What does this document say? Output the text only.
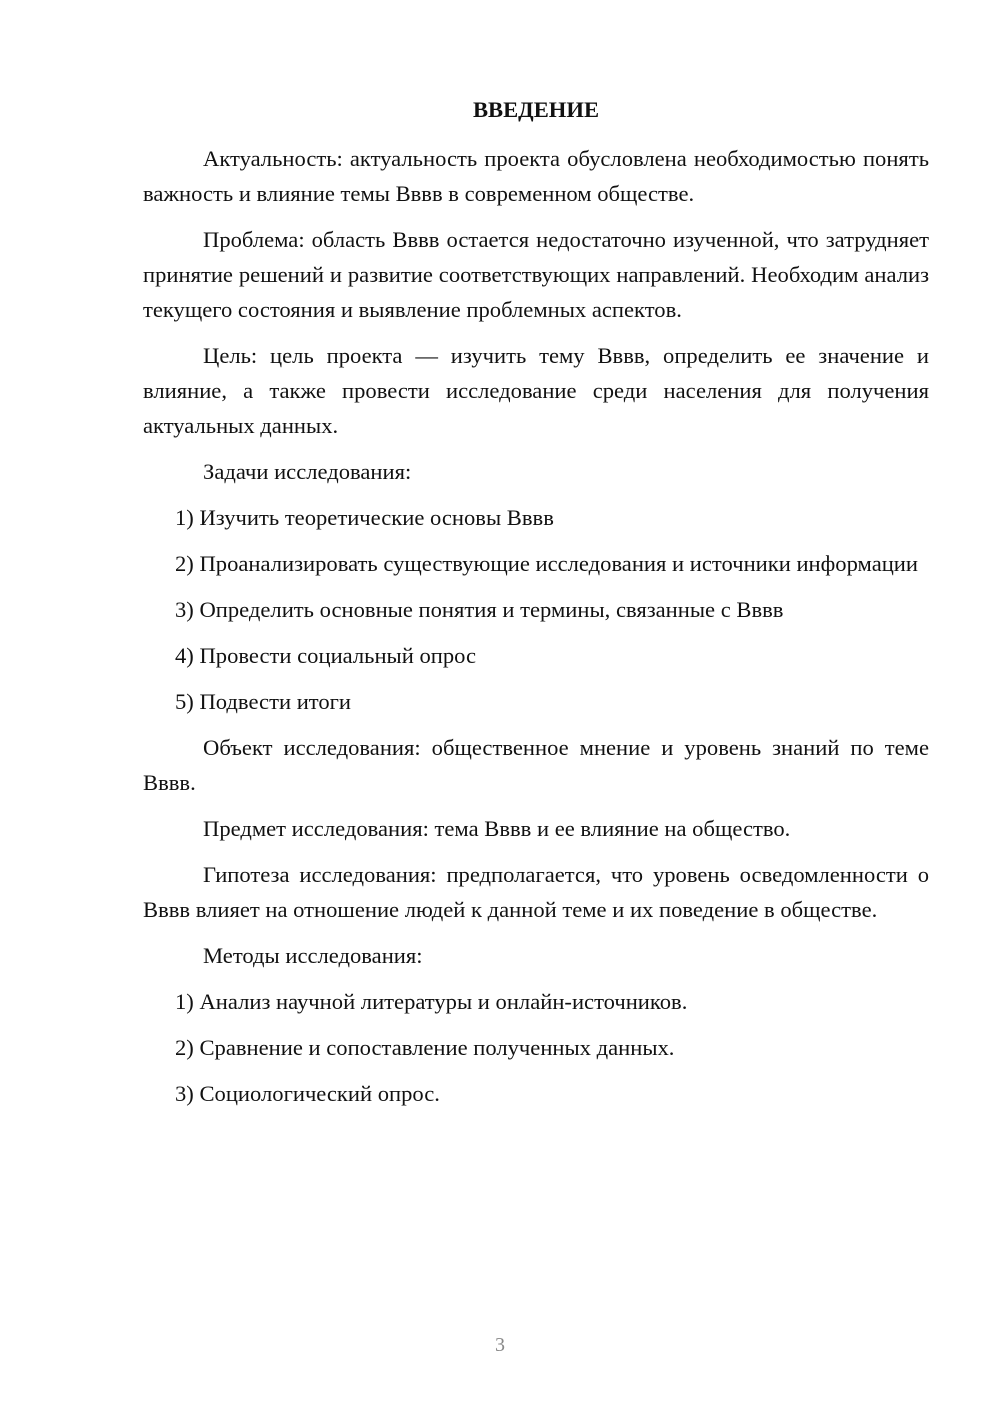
ВВЕДЕНИЕ
Актуальность: актуальность проекта обусловлена необходимостью понять важность и влияние темы Вввв в современном обществе.
Проблема: область Вввв остается недостаточно изученной, что затрудняет принятие решений и развитие соответствующих направлений. Необходим анализ текущего состояния и выявление проблемных аспектов.
Цель: цель проекта — изучить тему Вввв, определить ее значение и влияние, а также провести исследование среди населения для получения актуальных данных.
Задачи исследования:
1) Изучить теоретические основы Вввв
2) Проанализировать существующие исследования и источники информации
3) Определить основные понятия и термины, связанные с Вввв
4) Провести социальный опрос
5) Подвести итоги
Объект исследования: общественное мнение и уровень знаний по теме Вввв.
Предмет исследования: тема Вввв и ее влияние на общество.
Гипотеза исследования: предполагается, что уровень осведомленности о Вввв влияет на отношение людей к данной теме и их поведение в обществе.
Методы исследования:
1) Анализ научной литературы и онлайн-источников.
2) Сравнение и сопоставление полученных данных.
3) Социологический опрос.
3
